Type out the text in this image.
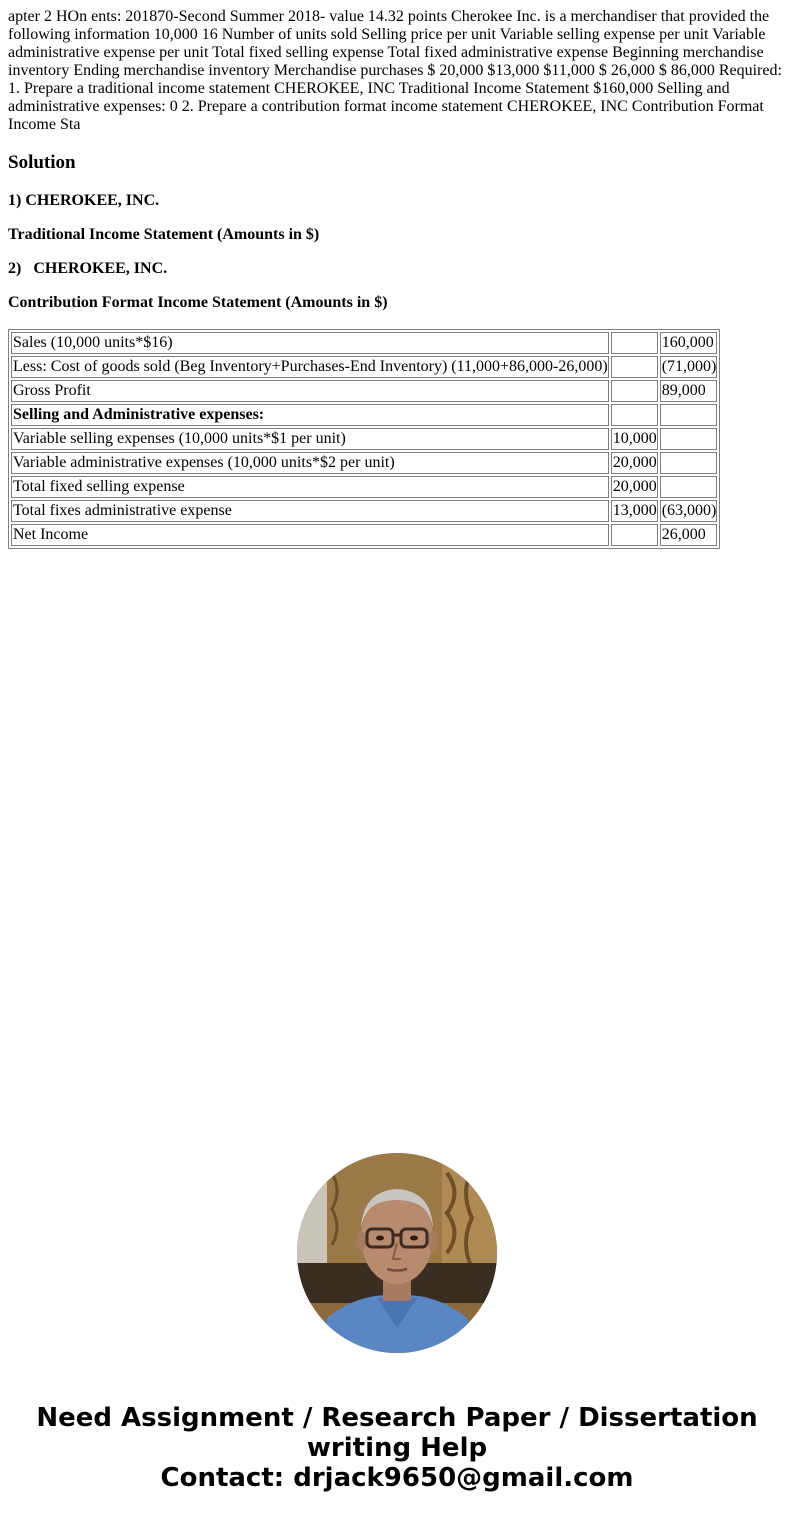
apter 2 HOn ents: 201870-Second Summer 2018- value 14.32 points Cherokee Inc. is a merchandiser that provided the following information 10,000 16 Number of units sold Selling price per unit Variable selling expense per unit Variable administrative expense per unit Total fixed selling expense Total fixed administrative expense Beginning merchandise inventory Ending merchandise inventory Merchandise purchases $ 20,000 $13,000 $11,000 $ 26,000 $ 86,000 Required: 1. Prepare a traditional income statement CHEROKEE, INC Traditional Income Statement $160,000 Selling and administrative expenses: 0 2. Prepare a contribution format income statement CHEROKEE, INC Contribution Format Income Sta

Solution
1) CHEROKEE, INC.
Traditional Income Statement (Amounts in $)
2)   CHEROKEE, INC.
Contribution Format Income Statement (Amounts in $)
Sales (10,000 units*$16)		160,000
Less: Cost of goods sold (Beg Inventory+Purchases-End Inventory) (11,000+86,000-26,000)		(71,000)
Gross Profit		89,000
Selling and Administrative expenses:		
Variable selling expenses (10,000 units*$1 per unit)	10,000	
Variable administrative expenses (10,000 units*$2 per unit)	20,000	
Total fixed selling expense	20,000	
Total fixes administrative expense	13,000	(63,000)
Net Income		26,000
Need Assignment / Research Paper / Dissertation
writing Help
Contact: drjack9650@gmail.com
